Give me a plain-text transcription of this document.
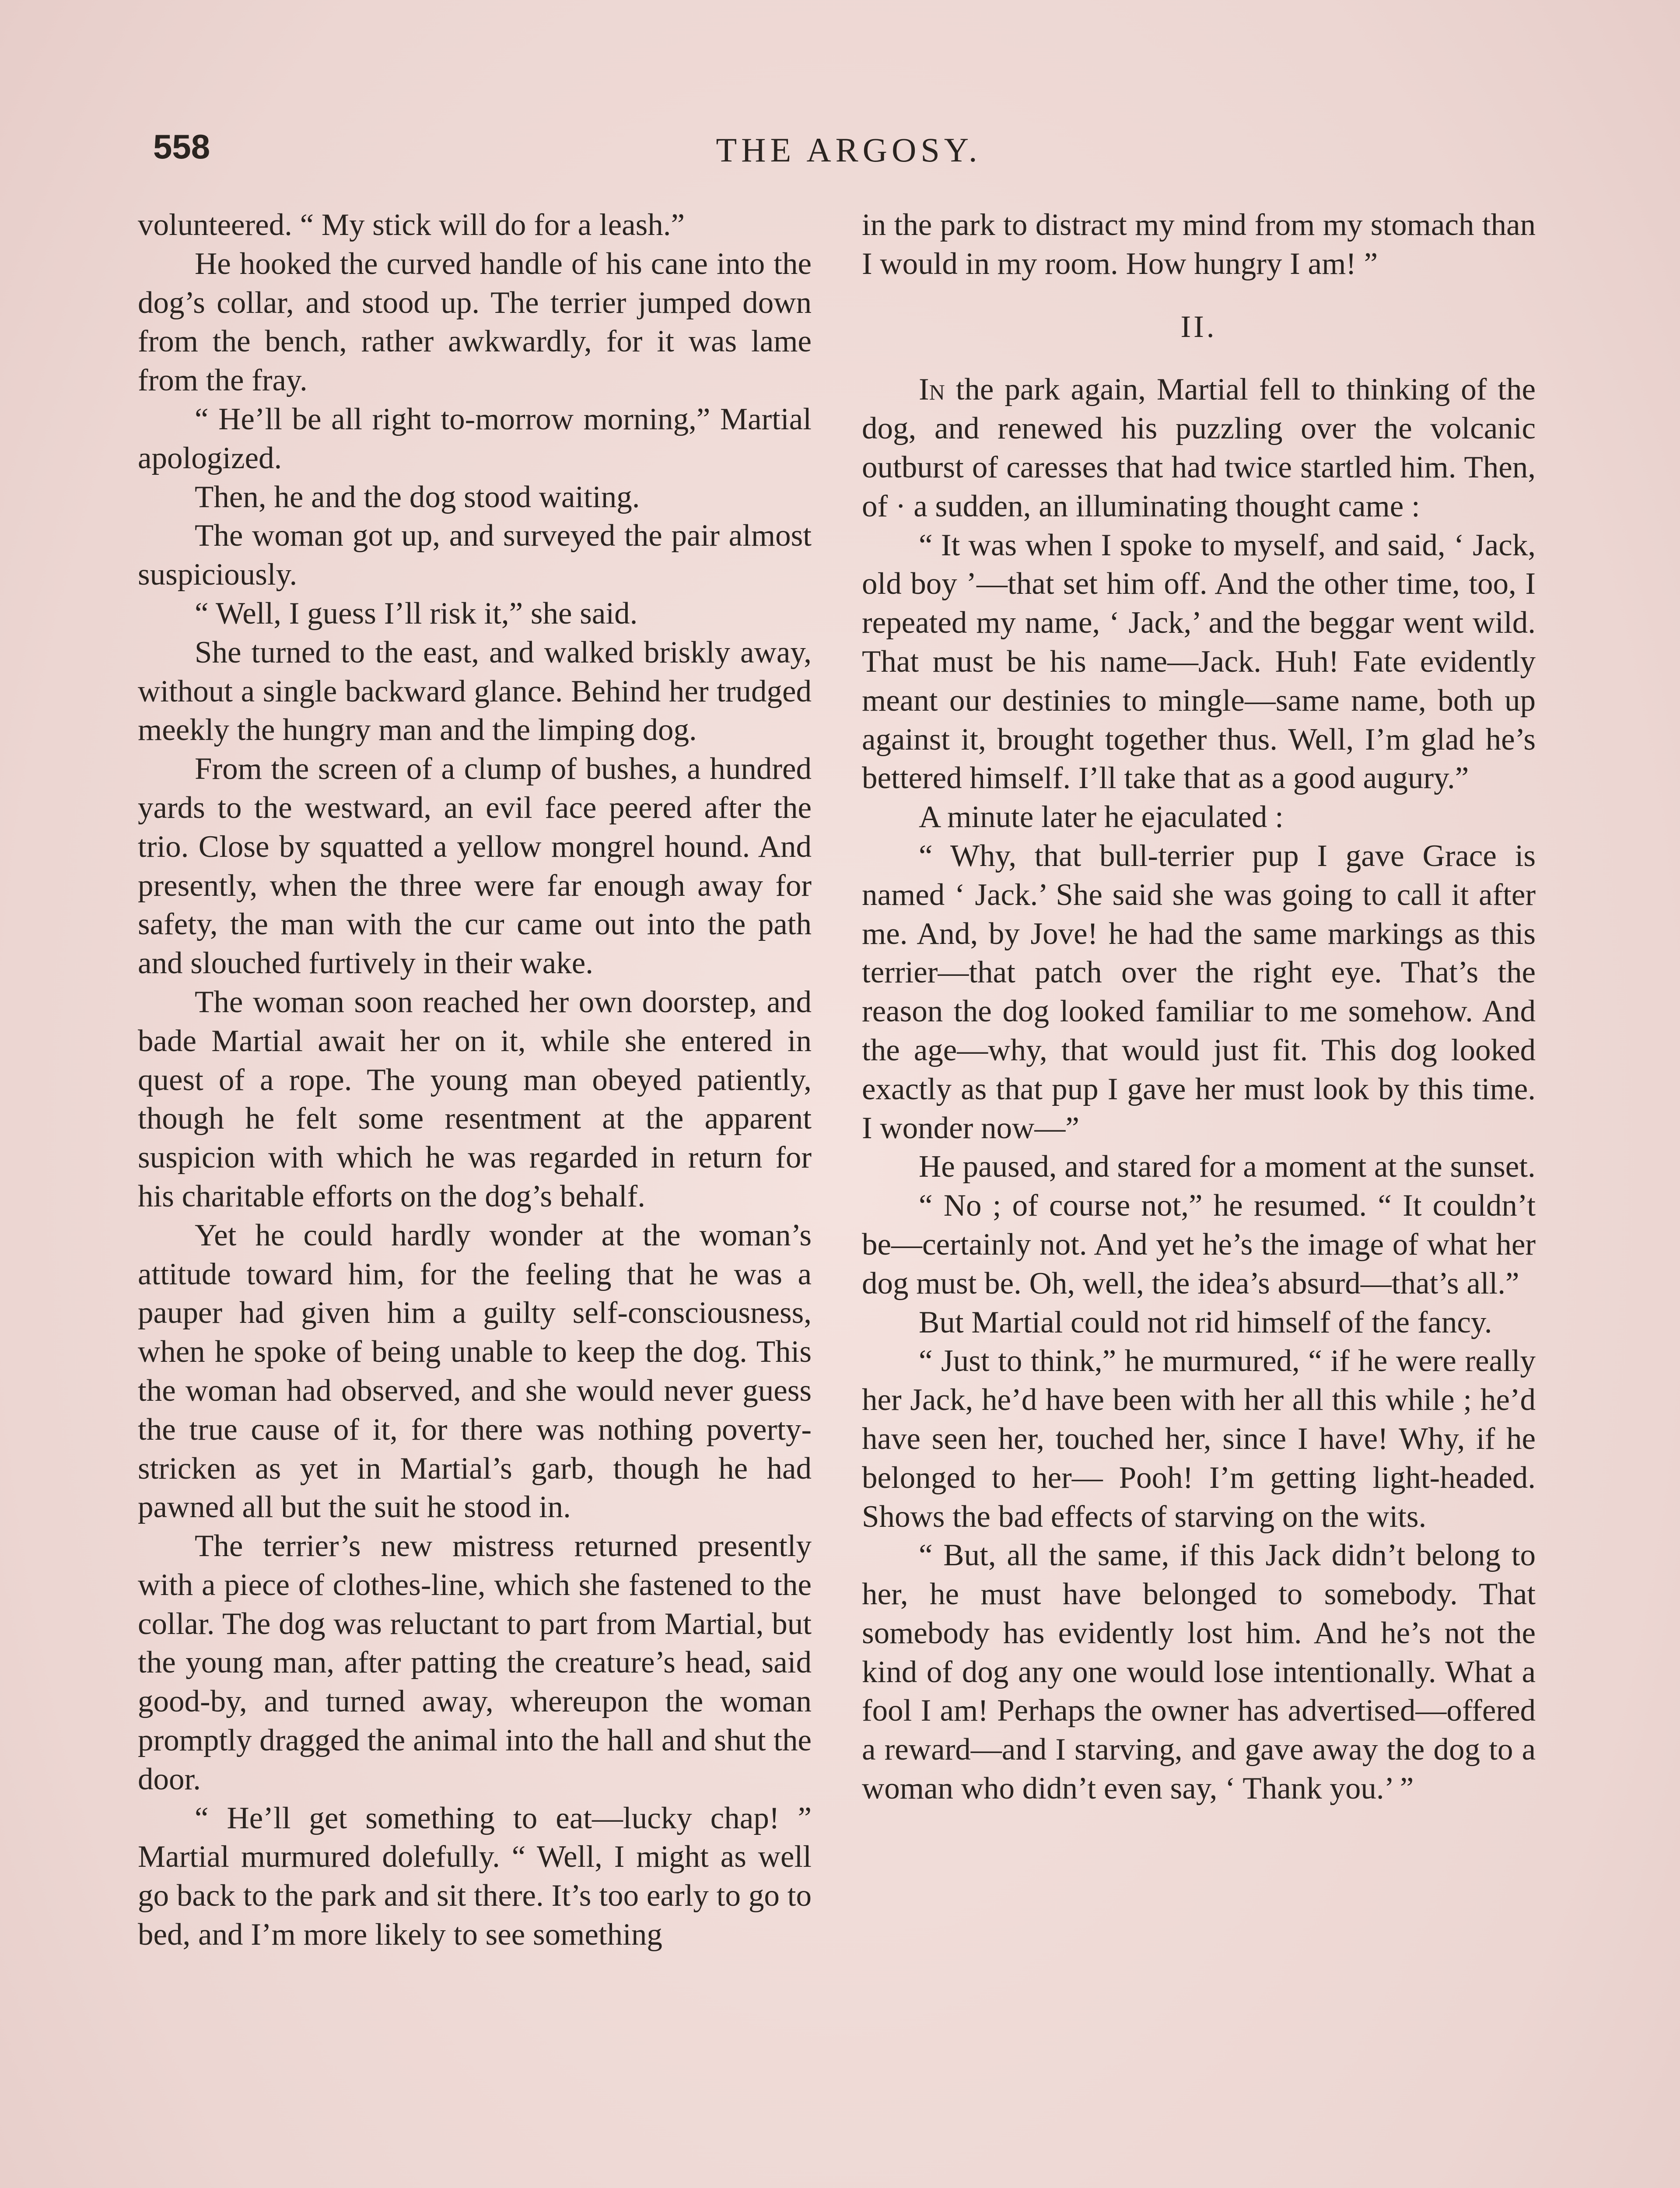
558	THE ARGOSY.

volunteered. “ My stick will do for a leash.”

He hooked the curved handle of his cane into the dog’s collar, and stood up. The terrier jumped down from the bench, rather awkwardly, for it was lame from the fray.

“ He’ll be all right to-morrow morning,” Martial apologized.

Then, he and the dog stood waiting.

The woman got up, and surveyed the pair almost suspiciously.

“ Well, I guess I’ll risk it,” she said.

She turned to the east, and walked briskly away, without a single backward glance. Behind her trudged meekly the hungry man and the limping dog.

From the screen of a clump of bushes, a hundred yards to the westward, an evil face peered after the trio. Close by squatted a yellow mongrel hound. And presently, when the three were far enough away for safety, the man with the cur came out into the path and slouched furtively in their wake.

The woman soon reached her own doorstep, and bade Martial await her on it, while she entered in quest of a rope. The young man obeyed patiently, though he felt some resentment at the apparent suspicion with which he was regarded in return for his charitable efforts on the dog’s behalf.

Yet he could hardly wonder at the woman’s attitude toward him, for the feeling that he was a pauper had given him a guilty self-consciousness, when he spoke of being unable to keep the dog. This the woman had observed, and she would never guess the true cause of it, for there was nothing poverty-stricken as yet in Martial’s garb, though he had pawned all but the suit he stood in.

The terrier’s new mistress returned presently with a piece of clothes-line, which she fastened to the collar. The dog was reluctant to part from Martial, but the young man, after patting the creature’s head, said good-by, and turned away, whereupon the woman promptly dragged the animal into the hall and shut the door.

“ He’ll get something to eat—lucky chap! ” Martial murmured dolefully. “ Well, I might as well go back to the park and sit there. It’s too early to go to bed, and I’m more likely to see something

in the park to distract my mind from my stomach than I would in my room. How hungry I am! ”

II.

In the park again, Martial fell to thinking of the dog, and renewed his puzzling over the volcanic outburst of caresses that had twice startled him. Then, of · a sudden, an illuminating thought came :

“ It was when I spoke to myself, and said, ‘ Jack, old boy ’—that set him off. And the other time, too, I repeated my name, ‘ Jack,’ and the beggar went wild. That must be his name—Jack. Huh! Fate evidently meant our destinies to mingle—same name, both up against it, brought together thus. Well, I’m glad he’s bettered himself. I’ll take that as a good augury.”

A minute later he ejaculated :

“ Why, that bull-terrier pup I gave Grace is named ‘ Jack.’ She said she was going to call it after me. And, by Jove! he had the same markings as this terrier—that patch over the right eye. That’s the reason the dog looked familiar to me somehow. And the age—why, that would just fit. This dog looked exactly as that pup I gave her must look by this time. I wonder now—”

He paused, and stared for a moment at the sunset.

“ No ; of course not,” he resumed. “ It couldn’t be—certainly not. And yet he’s the image of what her dog must be. Oh, well, the idea’s absurd—that’s all.”

But Martial could not rid himself of the fancy.

“ Just to think,” he murmured, “ if he were really her Jack, he’d have been with her all this while ; he’d have seen her, touched her, since I have! Why, if he belonged to her— Pooh! I’m getting light-headed. Shows the bad effects of starving on the wits.

“ But, all the same, if this Jack didn’t belong to her, he must have belonged to somebody. That somebody has evidently lost him. And he’s not the kind of dog any one would lose intentionally. What a fool I am! Perhaps the owner has advertised—offered a reward—and I starving, and gave away the dog to a woman who didn’t even say, ‘ Thank you.’ ”
